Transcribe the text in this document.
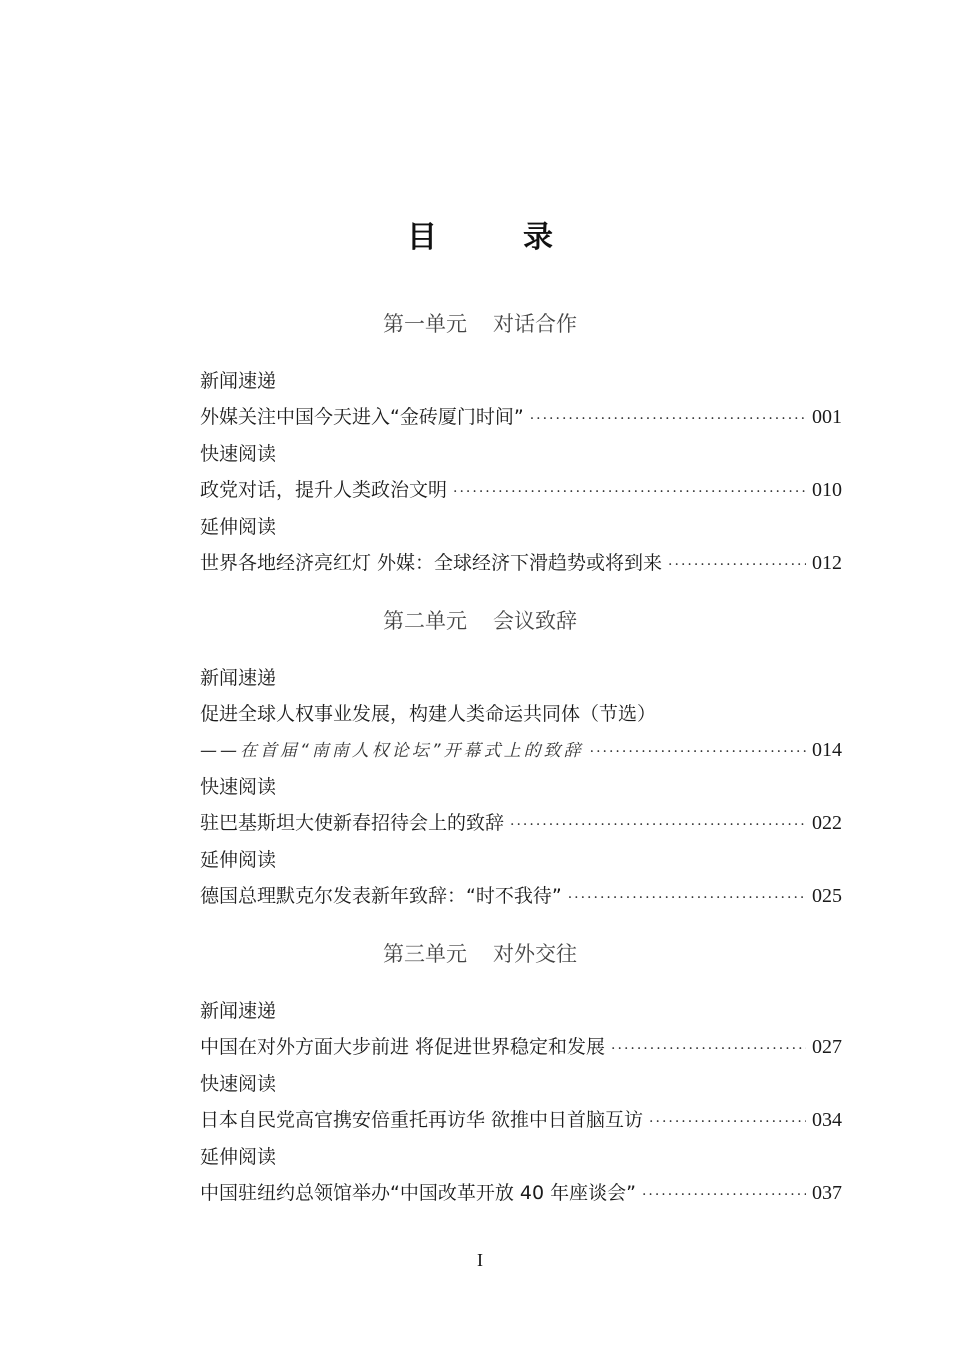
目　录
第一单元 对话合作
新闻速递
外媒关注中国今天进入“金砖厦门时间” ·····	001
快速阅读
政党对话，提升人类政治文明 ·····	010
延伸阅读
世界各地经济亮红灯 外媒：全球经济下滑趋势或将到来 ·····	012
第二单元 会议致辞
新闻速递
促进全球人权事业发展，构建人类命运共同体（节选）
——在首届“南南人权论坛”开幕式上的致辞 ·····	014
快速阅读
驻巴基斯坦大使新春招待会上的致辞 ·····	022
延伸阅读
德国总理默克尔发表新年致辞：“时不我待” ·····	025
第三单元 对外交往
新闻速递
中国在对外方面大步前进 将促进世界稳定和发展 ·····	027
快速阅读
日本自民党高官携安倍重托再访华 欲推中日首脑互访 ·····	034
延伸阅读
中国驻纽约总领馆举办“中国改革开放 40 年座谈会” ·····	037
I
